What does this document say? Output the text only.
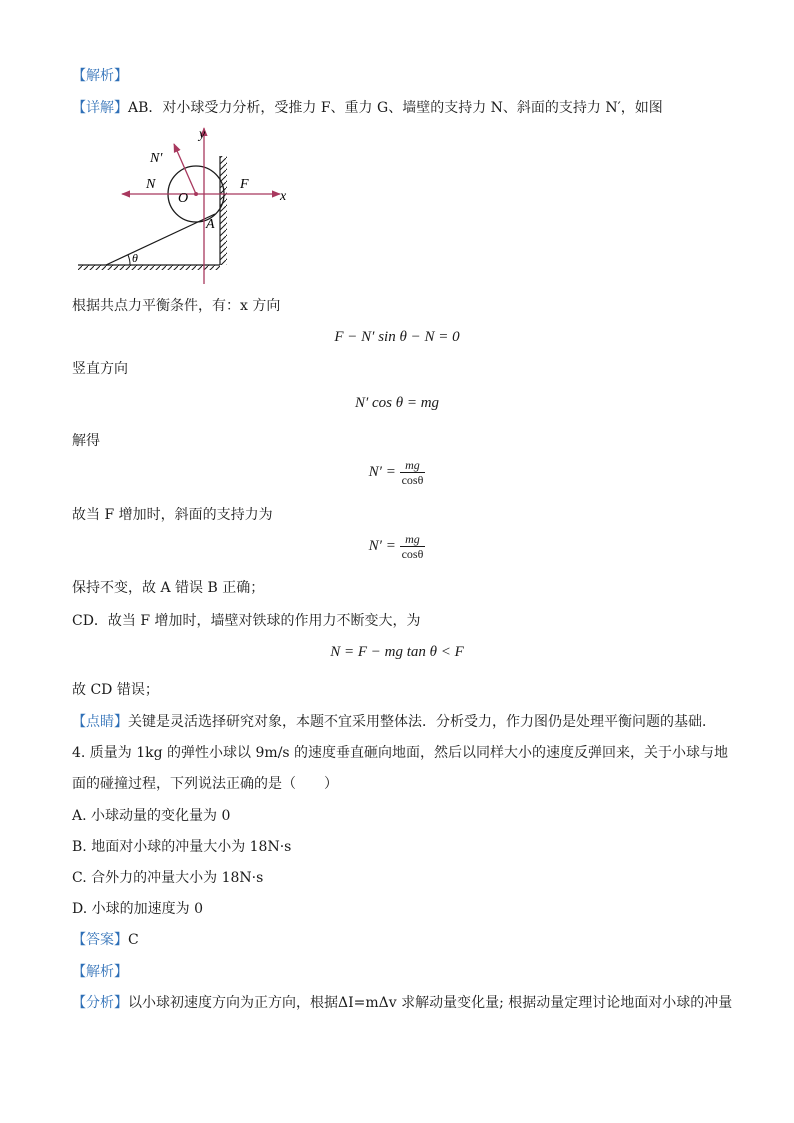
【解析】
【详解】AB．对小球受力分析，受推力 F、重力 G、墙壁的支持力 N、斜面的支持力 N′，如图
y
x
N′
N	F
O
A
θ
根据共点力平衡条件，有：x 方向
F − N′ sin θ − N = 0
竖直方向
N′ cos θ = mg
解得
$N' = \frac{mg}{\cos\theta}$
故当 F 增加时，斜面的支持力为
$N' = \frac{mg}{\cos\theta}$
保持不变，故 A 错误 B 正确；
CD．故当 F 增加时，墙壁对铁球的作用力不断变大，为
N = F − mg tan θ < F
故 CD 错误；
【点睛】关键是灵活选择研究对象，本题不宜采用整体法．分析受力，作力图仍是处理平衡问题的基础．
4. 质量为 1kg 的弹性小球以 9m/s 的速度垂直砸向地面，然后以同样大小的速度反弹回来，关于小球与地
面的碰撞过程，下列说法正确的是（　　）
A. 小球动量的变化量为 0
B. 地面对小球的冲量大小为 18N·s
C. 合外力的冲量大小为 18N·s
D. 小球的加速度为 0
【答案】C
【解析】
【分析】以小球初速度方向为正方向，根据ΔI=mΔv 求解动量变化量; 根据动量定理讨论地面对小球的冲量
